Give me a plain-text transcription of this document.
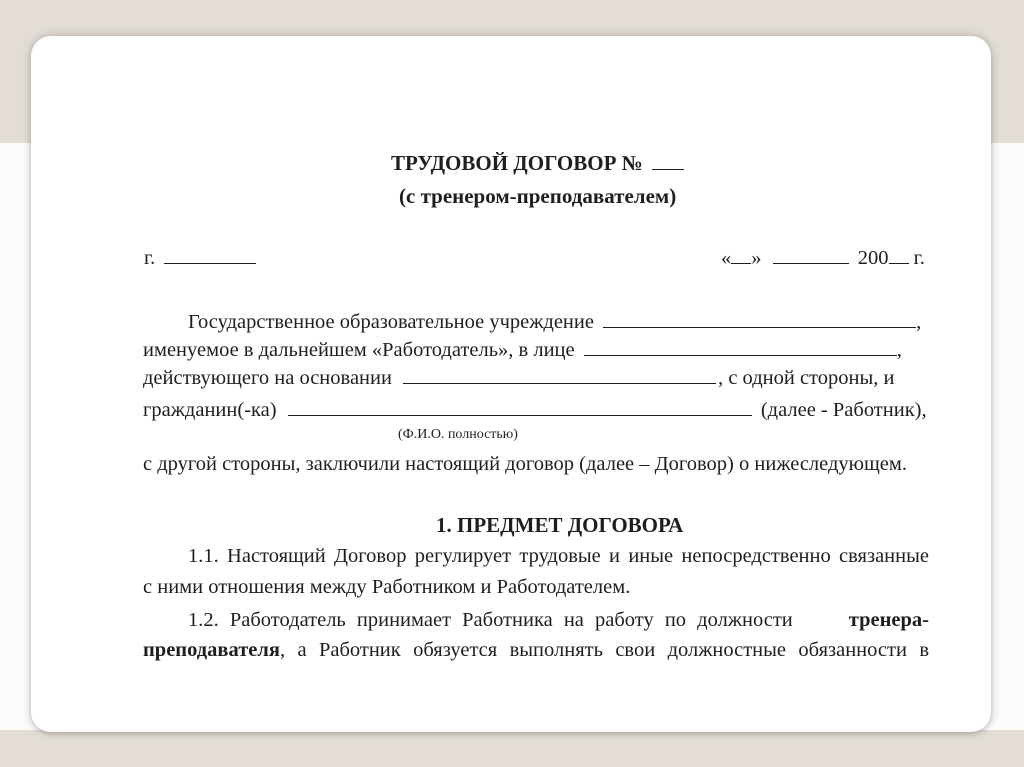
ТРУДОВОЙ ДОГОВОР №
(с тренером-преподавателем)
г.	« »	200 г.
Государственное образовательное учреждение	,
именуемое в дальнейшем «Работодатель», в лице	,
действующего на основании	, с одной стороны, и
гражданин(-ка)	(далее - Работник),
(Ф.И.О. полностью)
с другой стороны, заключили настоящий договор (далее – Договор) о нижеследующем.
1. ПРЕДМЕТ ДОГОВОРА
1.1. Настоящий Договор регулирует трудовые и иные непосредственно связанные
с ними отношения между Работником и Работодателем.
1.2. Работодатель принимает Работника на работу по должности	тренера-
преподавателя , а Работник обязуется выполнять свои должностные обязанности в
